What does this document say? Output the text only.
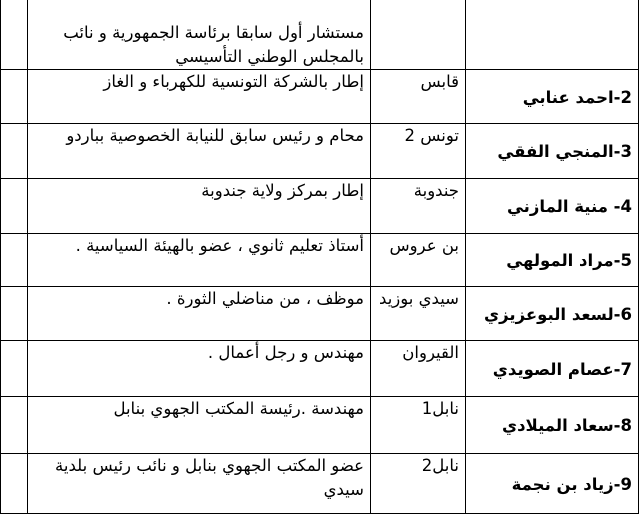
		مستشار أول سابقا برئاسة الجمهورية و نائب بالمجلس الوطني التأسيسي	

2-احمد عنابي	قابس	إطار بالشركة التونسية للكهرباء و الغاز	

3-المنجي الفقي	تونس 2	محام و رئيس سابق للنيابة الخصوصية بباردو	

4- منية المازني	جندوبة	إطار بمركز ولاية جندوبة	

5-مراد المولهي	بن عروس	أستاذ تعليم ثانوي ، عضو بالهيئة السياسية .	

6-لسعد البوعزيزي	سيدي بوزيد	موظف ، من مناضلي الثورة .	

7-عصام الصويدي	القيروان	مهندس و رجل أعمال .	

8-سعاد الميلادي	نابل1	مهندسة .رئيسة المكتب الجهوي بنابل	

9-زياد بن نجمة	نابل2	عضو المكتب الجهوي بنابل و نائب رئيس بلدية سيدي	
